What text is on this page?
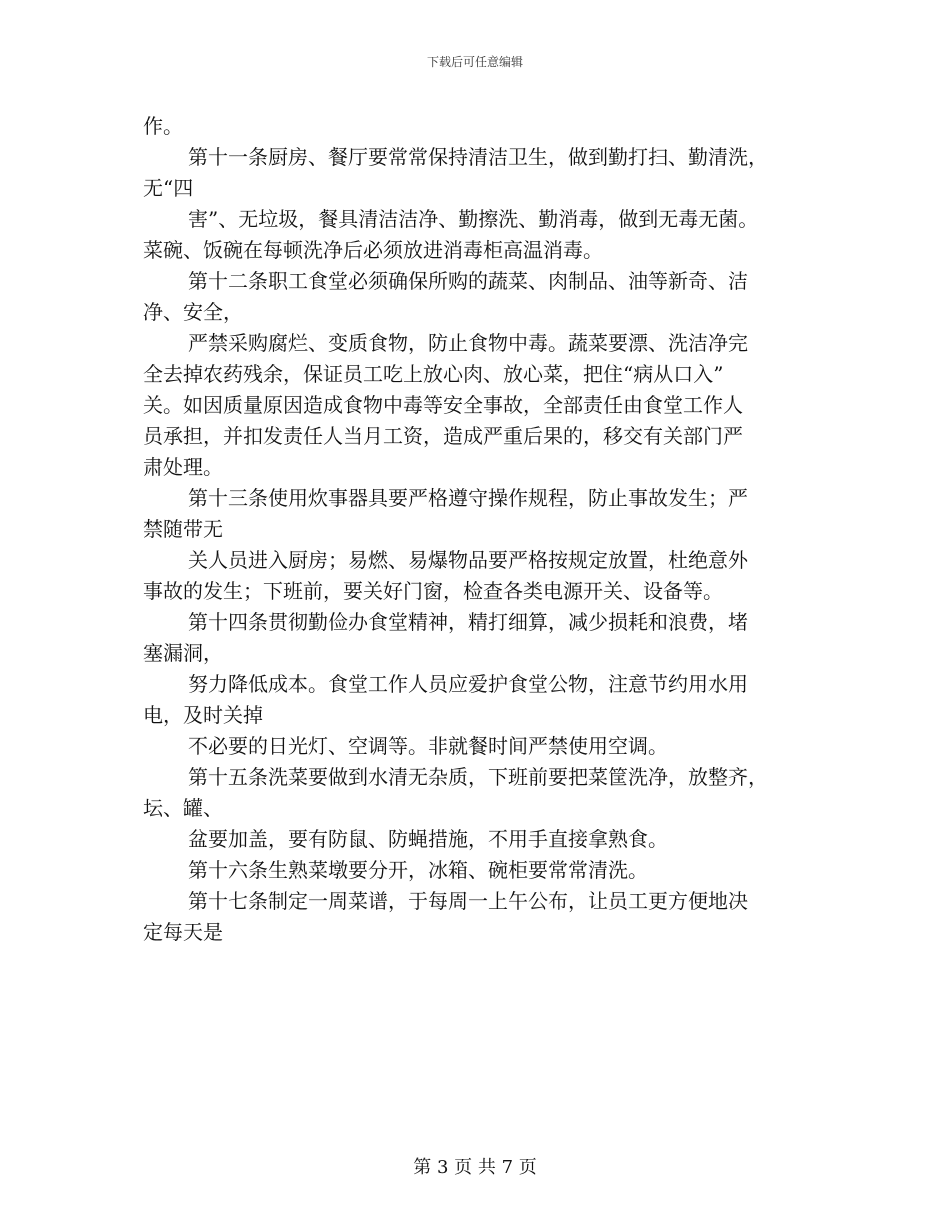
下载后可任意编辑
作。
第十一条厨房、餐厅要常常保持清洁卫生，做到勤打扫、勤清洗，
无“四
害”、无垃圾，餐具清洁洁净、勤擦洗、勤消毒，做到无毒无菌。
菜碗、饭碗在每顿洗净后必须放进消毒柜高温消毒。
第十二条职工食堂必须确保所购的蔬菜、肉制品、油等新奇、洁
净、安全，
严禁采购腐烂、变质食物，防止食物中毒。蔬菜要漂、洗洁净完
全去掉农药残余，保证员工吃上放心肉、放心菜，把住“病从口入”
关。如因质量原因造成食物中毒等安全事故，全部责任由食堂工作人
员承担，并扣发责任人当月工资，造成严重后果的，移交有关部门严
肃处理。
第十三条使用炊事器具要严格遵守操作规程，防止事故发生；严
禁随带无
关人员进入厨房；易燃、易爆物品要严格按规定放置，杜绝意外
事故的发生；下班前，要关好门窗，检查各类电源开关、设备等。
第十四条贯彻勤俭办食堂精神，精打细算，减少损耗和浪费，堵
塞漏洞，
努力降低成本。食堂工作人员应爱护食堂公物，注意节约用水用
电，及时关掉
不必要的日光灯、空调等。非就餐时间严禁使用空调。
第十五条洗菜要做到水清无杂质，下班前要把菜筐洗净，放整齐，
坛、罐、
盆要加盖，要有防鼠、防蝇措施，不用手直接拿熟食。
第十六条生熟菜墩要分开，冰箱、碗柜要常常清洗。
第十七条制定一周菜谱，于每周一上午公布，让员工更方便地决
定每天是
第 3 页 共 7 页
